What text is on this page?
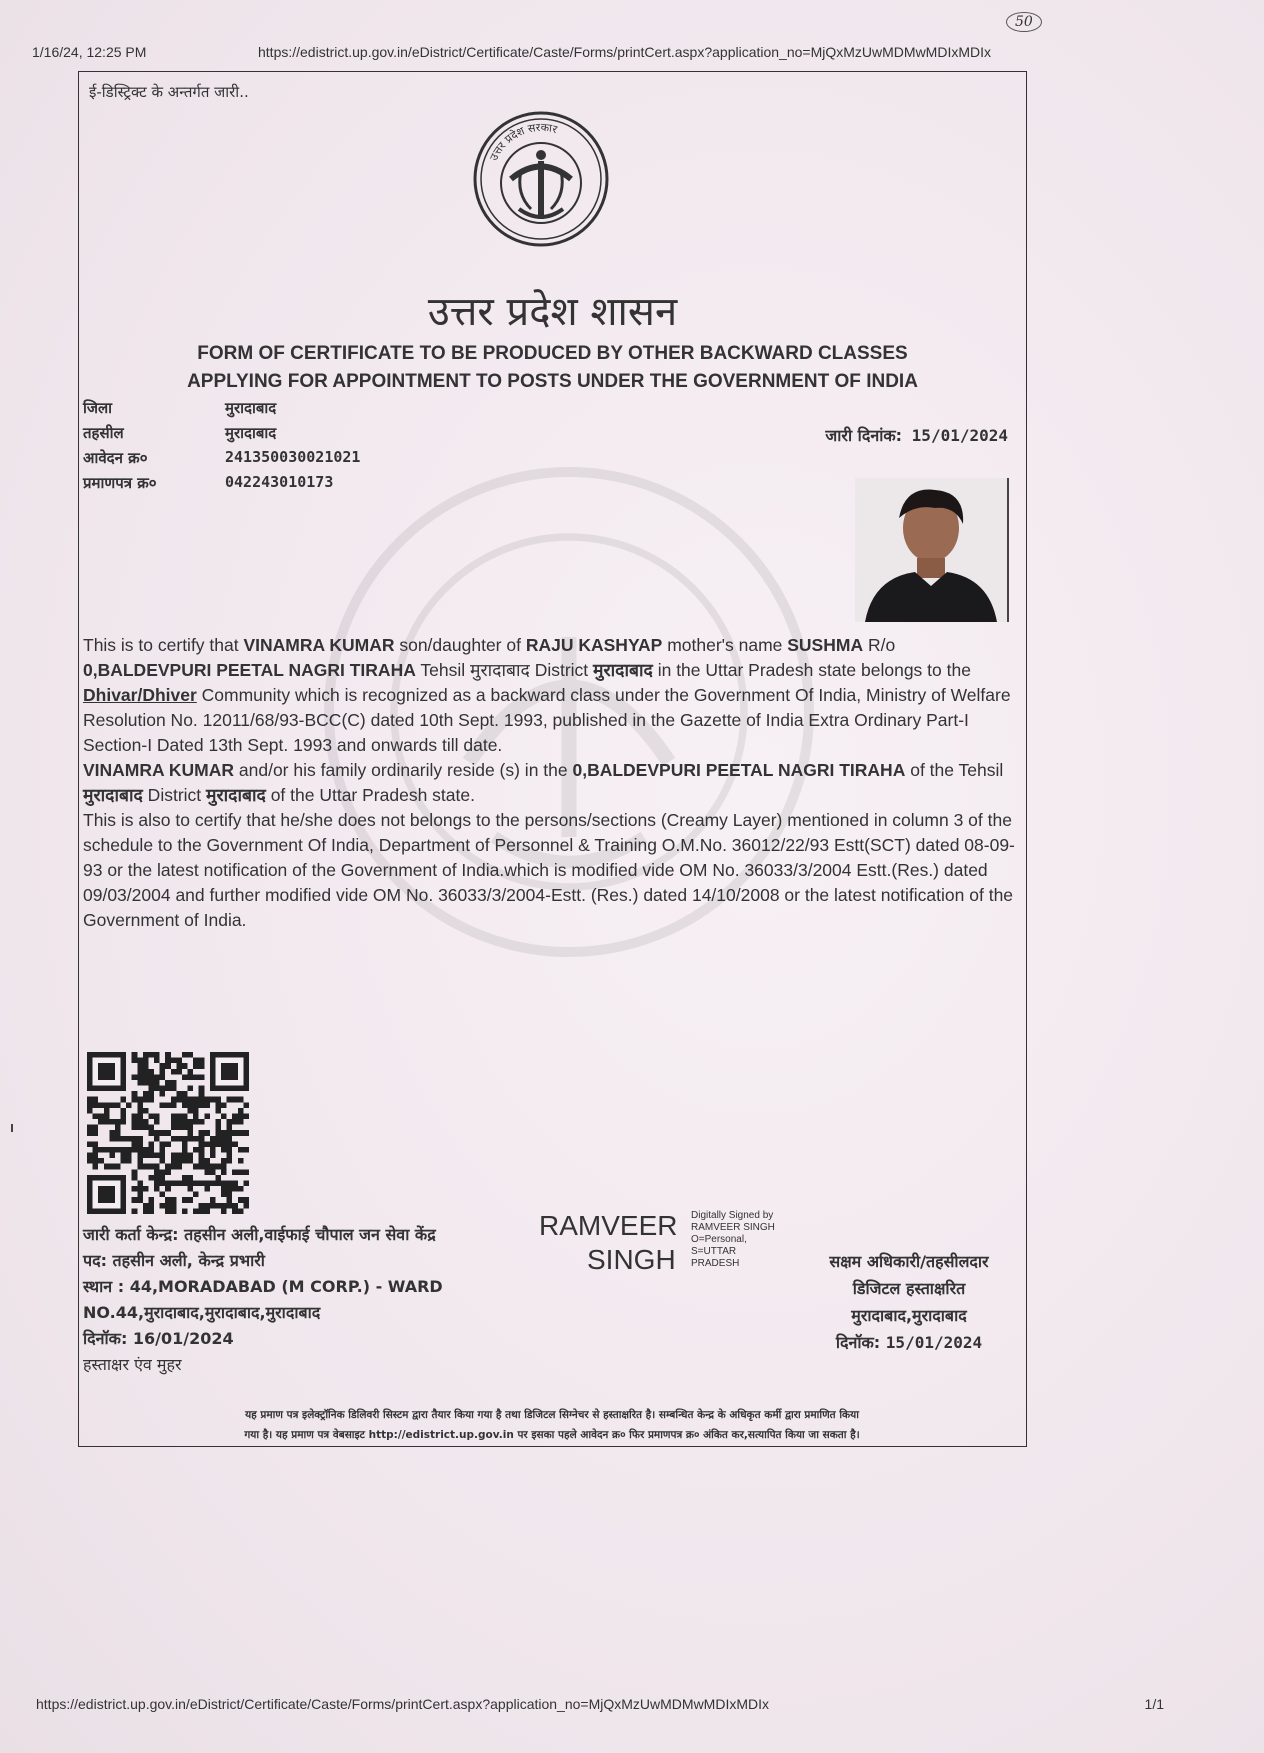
1/16/24, 12:25 PM	https://edistrict.up.gov.in/eDistrict/Certificate/Caste/Forms/printCert.aspx?application_no=MjQxMzUwMDMwMDIxMDIx
50
ई-डिस्ट्रिक्ट के अन्तर्गत जारी..
उत्तर प्रदेश सरकार
उत्तर प्रदेश शासन
FORM OF CERTIFICATE TO BE PRODUCED BY OTHER BACKWARD CLASSES
APPLYING FOR APPOINTMENT TO POSTS UNDER THE GOVERNMENT OF INDIA
जिला	मुरादाबाद
तहसील	मुरादाबाद
आवेदन क्र०	241350030021021
प्रमाणपत्र क्र०	042243010173
जारी दिनांक: 15/01/2024

This is to certify that VINAMRA KUMAR son/daughter of RAJU KASHYAP mother's name SUSHMA R/o 0,BALDEVPURI PEETAL NAGRI TIRAHA Tehsil मुरादाबाद District मुरादाबाद in the Uttar Pradesh state belongs to the Dhivar/Dhiver Community which is recognized as a backward class under the Government Of India, Ministry of Welfare Resolution No. 12011/68/93-BCC(C) dated 10th Sept. 1993, published in the Gazette of India Extra Ordinary Part-I Section-I Dated 13th Sept. 1993 and onwards till date.

VINAMRA KUMAR and/or his family ordinarily reside (s) in the 0,BALDEVPURI PEETAL NAGRI TIRAHA of the Tehsil मुरादाबाद District मुरादाबाद of the Uttar Pradesh state.

This is also to certify that he/she does not belongs to the persons/sections (Creamy Layer) mentioned in column 3 of the schedule to the Government Of India, Department of Personnel & Training O.M.No. 36012/22/93 Estt(SCT) dated 08-09-93 or the latest notification of the Government of India.which is modified vide OM No. 36033/3/2004 Estt.(Res.) dated 09/03/2004 and further modified vide OM No. 36033/3/2004-Estt. (Res.) dated 14/10/2008 or the latest notification of the Government of India.

जारी कर्ता केन्द्र: तहसीन अली,वाईफाई चौपाल जन सेवा केंद्र
पद: तहसीन अली, केन्द्र प्रभारी
स्थान : 44,MORADABAD (M CORP.) - WARD
NO.44,मुरादाबाद,मुरादाबाद,मुरादाबाद
दिनॉक: 16/01/2024
हस्ताक्षर एंव मुहर
RAMVEER
SINGH
Digitally Signed by
RAMVEER SINGH
O=Personal,
S=UTTAR
PRADESH	सक्षम अधिकारी/तहसीलदार
डिजिटल हस्ताक्षरित
मुरादाबाद,मुरादाबाद
दिनॉक: 15/01/2024
यह प्रमाण पत्र इलेक्ट्रॉनिक डिलिवरी सिस्टम द्वारा तैयार किया गया है तथा डिजिटल सिग्नेचर से हस्ताक्षरित है। सम्बन्धित केन्द्र के अधिकृत कर्मी द्वारा प्रमाणित किया
गया है। यह प्रमाण पत्र वेबसाइट http://edistrict.up.gov.in पर इसका पहले आवेदन क्र० फिर प्रमाणपत्र क्र० अंकित कर,सत्यापित किया जा सकता है।
https://edistrict.up.gov.in/eDistrict/Certificate/Caste/Forms/printCert.aspx?application_no=MjQxMzUwMDMwMDIxMDIx	1/1
